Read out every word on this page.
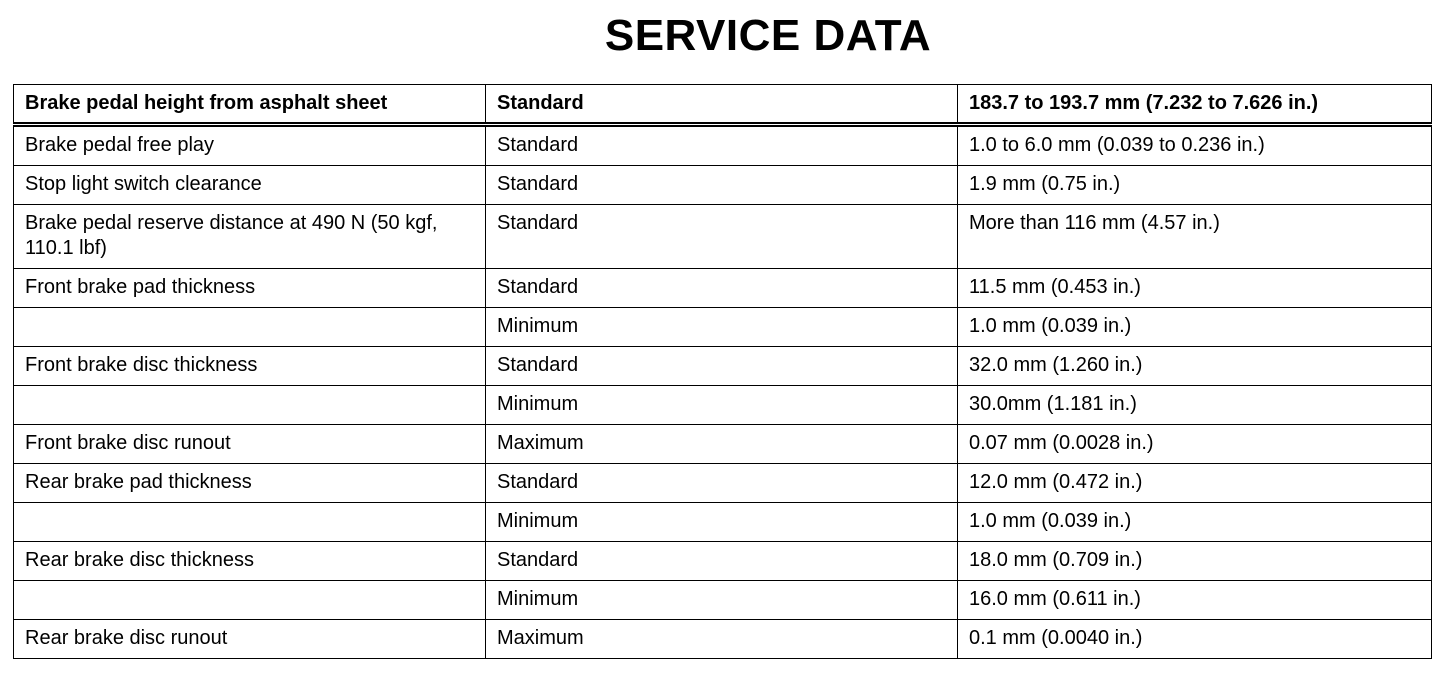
SERVICE DATA
Brake pedal height from asphalt sheet	Standard	183.7 to 193.7 mm (7.232 to 7.626 in.)
Brake pedal free play	Standard	1.0 to 6.0 mm (0.039 to 0.236 in.)
Stop light switch clearance	Standard	1.9 mm (0.75 in.)
Brake pedal reserve distance at 490 N (50 kgf, 110.1 lbf)	Standard	More than 116 mm (4.57 in.)
Front brake pad thickness	Standard	11.5 mm (0.453 in.)
	Minimum	1.0 mm (0.039 in.)
Front brake disc thickness	Standard	32.0 mm (1.260 in.)
	Minimum	30.0mm (1.181 in.)
Front brake disc runout	Maximum	0.07 mm (0.0028 in.)
Rear brake pad thickness	Standard	12.0 mm (0.472 in.)
	Minimum	1.0 mm (0.039 in.)
Rear brake disc thickness	Standard	18.0 mm (0.709 in.)
	Minimum	16.0 mm (0.611 in.)
Rear brake disc runout	Maximum	0.1 mm (0.0040 in.)
